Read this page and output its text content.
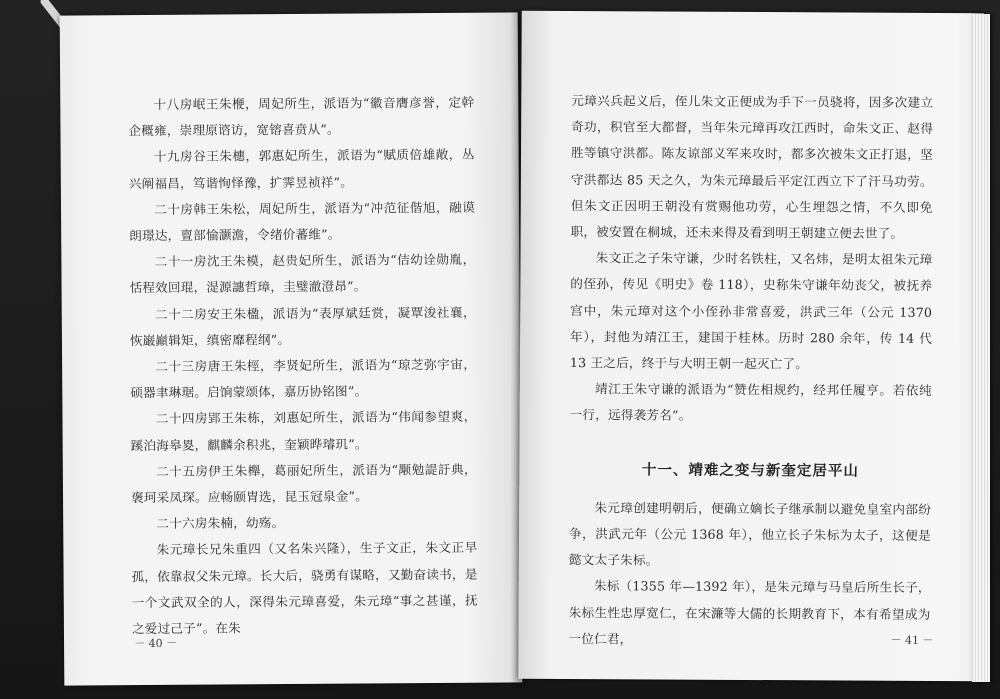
十八房岷王朱楩，周妃所生，派语为“徽音膺彦誉，定幹企穊雍，崇理原谘访，宽镕喜贲从”。

十九房谷王朱橞，郭惠妃所生，派语为“赋质倍雄敞，丛兴阐福昌，笃谐恂怿豫，扩霁昱祯祥”。

二十房韩王朱松，周妃所生，派语为“冲范征偕旭，融谟朗璟达，亶部愉灏澹，令绪价蕃维”。

二十一房沈王朱模，赵贵妃所生，派语为“佶幼诠勋胤，恬程效回琨，湜源譓哲璋，圭璧澈澄昂”。

二十二房安王朱楹，派语为“表厚斌廷赏，凝覃浚社襄，恢巌巓辑矩，缜密靡程纲”。

二十三房唐王朱桱，李贤妃所生，派语为“琼芝弥宇宙，硕器聿琳琚。启饷蒙颂体，嘉历协铭图”。

二十四房郢王朱栋，刘惠妃所生，派语为“伟闻参望爽，蹊泊海皋畟，麒麟余积兆，奎颖晔璿玑”。

二十五房伊王朱櫸，葛丽妃所生，派语为“颙勉諟訏典，褒珂采凤琛。应畅颐胄选，昆玉冠泉金”。

二十六房朱楠，幼殇。

朱元璋长兄朱重四（又名朱兴隆），生子文正，朱文正早孤，依靠叔父朱元璋。长大后，骁勇有谋略，又勤奋读书，是一个文武双全的人，深得朱元璋喜爱，朱元璋“事之甚谨，抚之爱过己子”。在朱

－ 40 －

元璋兴兵起义后，侄儿朱文正便成为手下一员骁将，因多次建立奇功，积官至大都督，当年朱元璋再攻江西时，命朱文正、赵得胜等镇守洪都。陈友谅部义军来攻时，都多次被朱文正打退，坚守洪都达 85 天之久，为朱元璋最后平定江西立下了汗马功劳。但朱文正因明王朝没有赏赐他功劳，心生埋怨之情，不久即免职，被安置在桐城，还未来得及看到明王朝建立便去世了。

朱文正之子朱守谦，少时名铁柱，又名炜，是明太祖朱元璋的侄孙，传见《明史》卷 118），史称朱守谦年幼丧父，被抚养宫中，朱元璋对这个小侄孙非常喜爱，洪武三年（公元 1370 年），封他为靖江王，建国于桂林。历时 280 余年，传 14 代 13 王之后，终于与大明王朝一起灭亡了。

靖江王朱守谦的派语为“赞佐相规约，经邦任履亨。若依纯一行，远得袭芳名”。

十一、靖难之变与新奎定居平山

朱元璋创建明朝后，便确立嫡长子继承制以避免皇室内部纷争，洪武元年（公元 1368 年），他立长子朱标为太子，这便是懿文太子朱标。

朱标（1355 年—1392 年），是朱元璋与马皇后所生长子，朱标生性忠厚宽仁，在宋濂等大儒的长期教育下，本有希望成为一位仁君，	－ 41 －
